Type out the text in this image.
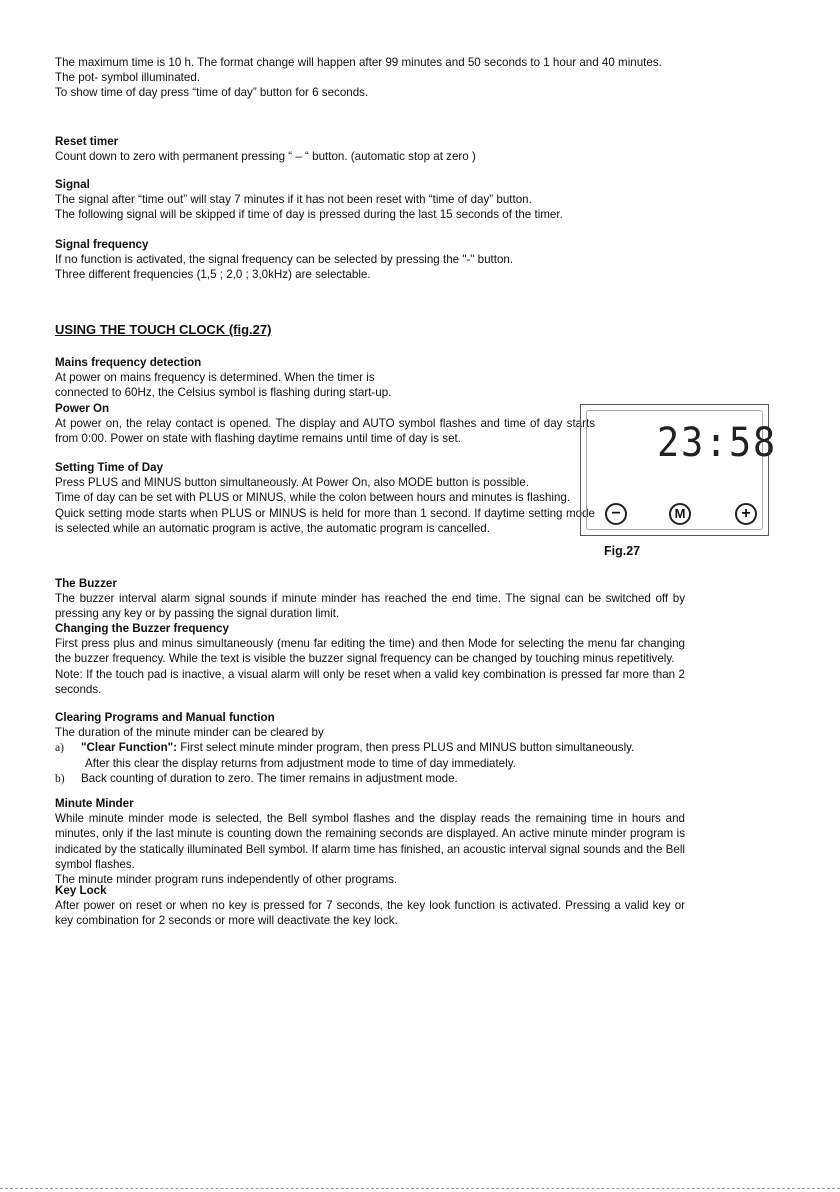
The maximum time is 10 h. The format change will happen after 99 minutes and 50 seconds to 1 hour and 40 minutes.

The pot- symbol illuminated.

To show time of day press “time of day” button for 6 seconds.

Reset timer

Count down to zero with permanent pressing “ – “ button. (automatic stop at zero )

Signal

The signal after “time out” will stay 7 minutes if it has not been reset with “time of day” button.

The following signal will be skipped if time of day is pressed during the last 15 seconds of the timer.

Signal frequency

If no function is activated, the signal frequency can be selected by pressing the "-" button.

Three different frequencies (1,5 ; 2,0 ; 3,0kHz) are selectable.

USING THE TOUCH CLOCK (fig.27)

Mains frequency detection

At power on mains frequency is determined. When the timer is connected to 60Hz, the Celsius symbol is flashing during start-up.

Power On

At power on, the relay contact is opened. The display and AUTO symbol flashes and time of day starts from 0:00. Power on state with flashing daytime remains until time of day is set.

Setting Time of Day

Press PLUS and MINUS button simultaneously. At Power On, also MODE button is possible.

Time of day can be set with PLUS or MINUS, while the colon between hours and minutes is flashing.

Quick setting mode starts when PLUS or MINUS is held for more than 1 second. If daytime setting mode is selected while an automatic program is active, the automatic program is cancelled.

23:58
−	M	+
Fig.27

The Buzzer

The buzzer interval alarm signal sounds if minute minder has reached the end time. The signal can be switched off by pressing any key or by passing the signal duration limit.

Changing the Buzzer frequency

First press plus and minus simultaneously (menu far editing the time) and then Mode for selecting the menu far changing the buzzer frequency. While the text is visible the buzzer signal frequency can be changed by touching minus repetitively.

Note: If the touch pad is inactive, a visual alarm will only be reset when a valid key combination is pressed far more than 2 seconds.

Clearing Programs and Manual function

The duration of the minute minder can be cleared by

a) "Clear Function": First select minute minder program, then press PLUS and MINUS button simultaneously.

After this clear the display returns from adjustment mode to time of day immediately.

b) Back counting of duration to zero. The timer remains in adjustment mode.

Minute Minder

While minute minder mode is selected, the Bell symbol flashes and the display reads the remaining time in hours and minutes, only if the last minute is counting down the remaining seconds are displayed. An active minute minder program is indicated by the statically illuminated Bell symbol. If alarm time has finished, an acoustic interval signal sounds and the Bell symbol flashes.

The minute minder program runs independently of other programs.

Key Lock

After power on reset or when no key is pressed for 7 seconds, the key look function is activated. Pressing a valid key or key combination for 2 seconds or more will deactivate the key lock.
